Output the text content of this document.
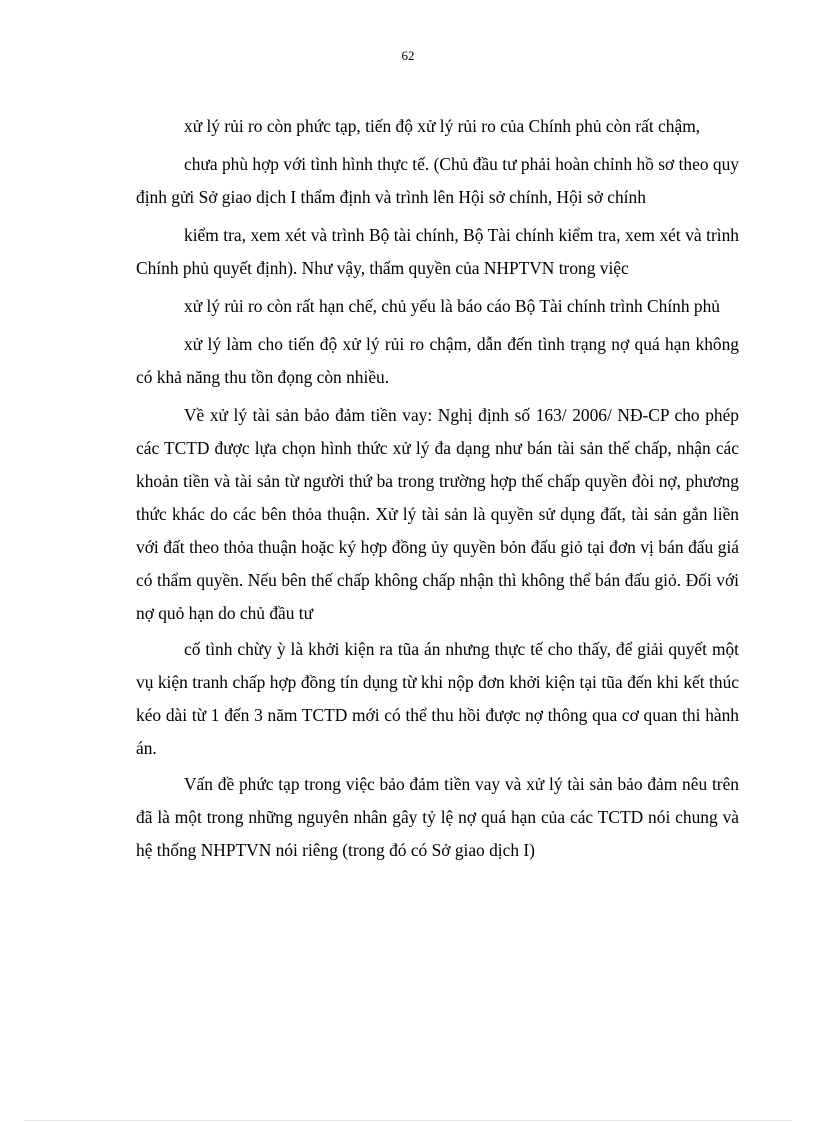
62

xử lý rủi ro còn phức tạp, tiến độ xử lý rủi ro của Chính phủ còn rất chậm,

chưa phù hợp với tình hình thực tế. (Chủ đầu tư phải hoàn chỉnh hồ sơ theo quy định gửi Sở giao dịch I thẩm định và trình lên Hội sở chính, Hội sở chính

kiểm tra, xem xét và trình Bộ tài chính, Bộ Tài chính kiểm tra, xem xét và trình Chính phủ quyết định). Như vậy, thẩm quyền của NHPTVN trong việc

xử lý rủi ro còn rất hạn chế, chủ yếu là báo cáo Bộ Tài chính trình Chính phủ

xử lý làm cho tiến độ xử lý rủi ro chậm, dẫn đến tình trạng nợ quá hạn không có khả năng thu tồn đọng còn nhiều.

Về xử lý tài sản bảo đảm tiền vay: Nghị định số 163/ 2006/ NĐ-CP cho phép các TCTD được lựa chọn hình thức xử lý đa dạng như bán tài sản thế chấp, nhận các khoản tiền và tài sản từ người thứ ba trong trường hợp thế chấp quyền đòi nợ, phương thức khác do các bên thỏa thuận. Xử lý tài sản là quyền sử dụng đất, tài sản gắn liền với đất theo thỏa thuận hoặc ký hợp đồng ủy quyền bỏn đấu giỏ tại đơn vị bán đấu giá có thẩm quyền. Nếu bên thế chấp không chấp nhận thì không thể bán đấu giỏ. Đối với nợ quỏ hạn do chủ đầu tư

cố tình chừy ỳ là khởi kiện ra tũa án nhưng thực tế cho thấy, để giải quyết một vụ kiện tranh chấp hợp đồng tín dụng từ khi nộp đơn khởi kiện tại tũa đến khi kết thúc kéo dài từ 1 đến 3 năm TCTD mới có thể thu hồi được nợ thông qua cơ quan thi hành án.

Vấn đề phức tạp trong việc bảo đảm tiền vay và xử lý tài sản bảo đảm nêu trên đã là một trong những nguyên nhân gây tỷ lệ nợ quá hạn của các TCTD nói chung và hệ thống NHPTVN nói riêng (trong đó có Sở giao dịch I)
